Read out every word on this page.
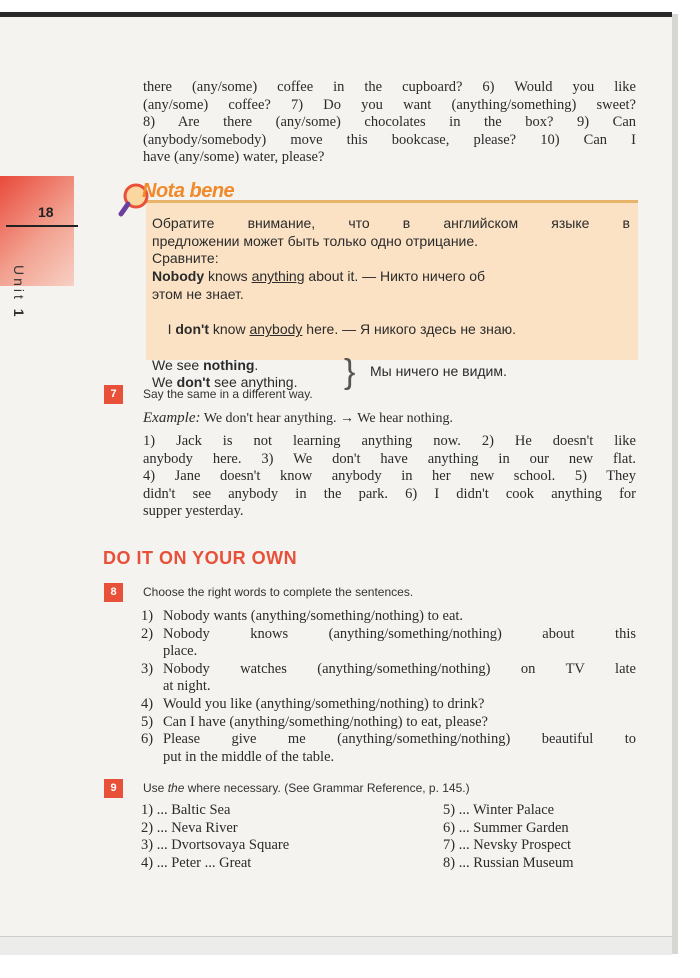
18
Unit 1

there (any/some) coffee in the cupboard? 6) Would you like

(any/some) coffee? 7) Do you want (anything/something) sweet?

8) Are there (any/some) chocolates in the box? 9) Can

(anybody/somebody) move this bookcase, please? 10) Can I

have (any/some) water, please?

Обратите внимание, что в английском языке в

предложении может быть только одно отрицание.

Сравните:

Nobody knows anything about it. — Никто ничего об

этом не знает.

I don't know anybody here. — Я никого здесь не знаю.

We see nothing.

We don't see anything.	} Мы ничего не видим.
Nota bene
7	Say the same in a different way.
Example: We don't hear anything. → We hear nothing.

1) Jack is not learning anything now. 2) He doesn't like

anybody here. 3) We don't have anything in our new flat.

4) Jane doesn't know anybody in her new school. 5) They

didn't see anybody in the park. 6) I didn't cook anything for

supper yesterday.

DO IT ON YOUR OWN
8	Choose the right words to complete the sentences.
1) Nobody wants (anything/something/nothing) to eat.
2) Nobody knows (anything/something/nothing) about this
place.
3) Nobody watches (anything/something/nothing) on TV late
at night.
4) Would you like (anything/something/nothing) to drink?
5) Can I have (anything/something/nothing) to eat, please?
6) Please give me (anything/something/nothing) beautiful to
put in the middle of the table.
9	Use the where necessary. (See Grammar Reference, p. 145.)
1) ... Baltic Sea	5) ... Winter Palace
2) ... Neva River	6) ... Summer Garden
3) ... Dvortsovaya Square	7) ... Nevsky Prospect
4) ... Peter ... Great	8) ... Russian Museum
